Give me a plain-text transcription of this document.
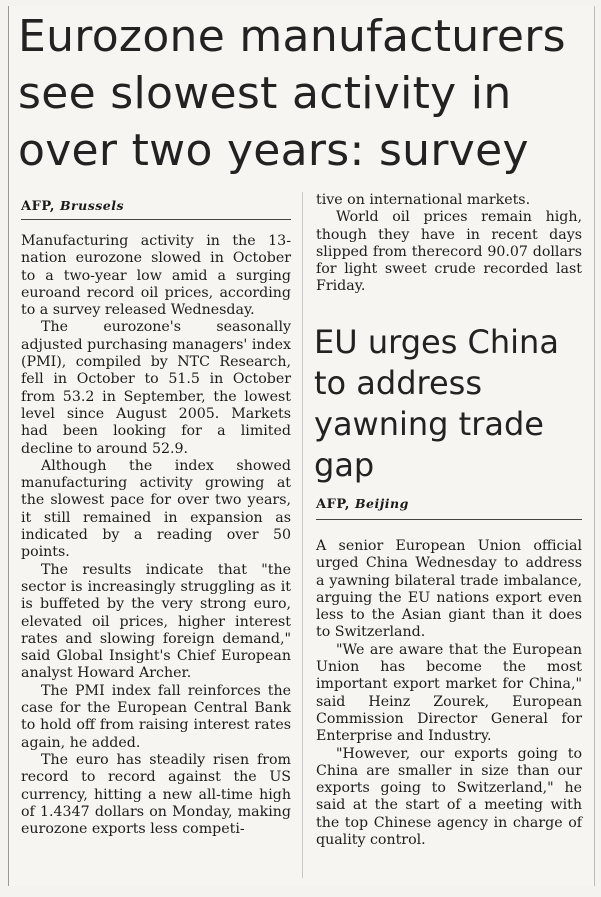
Eurozone manufacturers see slowest activity in over two years: survey
AFP, Brussels

Manufacturing activity in the 13-nation eurozone slowed in October to a two-year low amid a surging euroand record oil prices, according to a survey released Wednesday.

The eurozone's seasonally adjusted purchasing managers' index (PMI), compiled by NTC Research, fell in October to 51.5 in October from 53.2 in September, the lowest level since August 2005. Markets had been looking for a limited decline to around 52.9.

Although the index showed manufacturing activity growing at the slowest pace for over two years, it still remained in expansion as indicated by a reading over 50 points.

The results indicate that "the sector is increasingly struggling as it is buffeted by the very strong euro, elevated oil prices, higher interest rates and slowing foreign demand," said Global Insight's Chief European analyst Howard Archer.

The PMI index fall reinforces the case for the European Central Bank to hold off from raising interest rates again, he added.

The euro has steadily risen from record to record against the US currency, hitting a new all-time high of 1.4347 dollars on Monday, making eurozone exports less competi-

tive on international markets.

World oil prices remain high, though they have in recent days slipped from therecord 90.07 dollars for light sweet crude recorded last Friday.

EU urges China to address yawning trade gap
AFP, Beijing

A senior European Union official urged China Wednesday to address a yawning bilateral trade imbalance, arguing the EU nations export even less to the Asian giant than it does to Switzerland.

"We are aware that the European Union has become the most important export market for China," said Heinz Zourek, European Commission Director General for Enterprise and Industry.

"However, our exports going to China are smaller in size than our exports going to Switzerland," he said at the start of a meeting with the top Chinese agency in charge of quality control.
